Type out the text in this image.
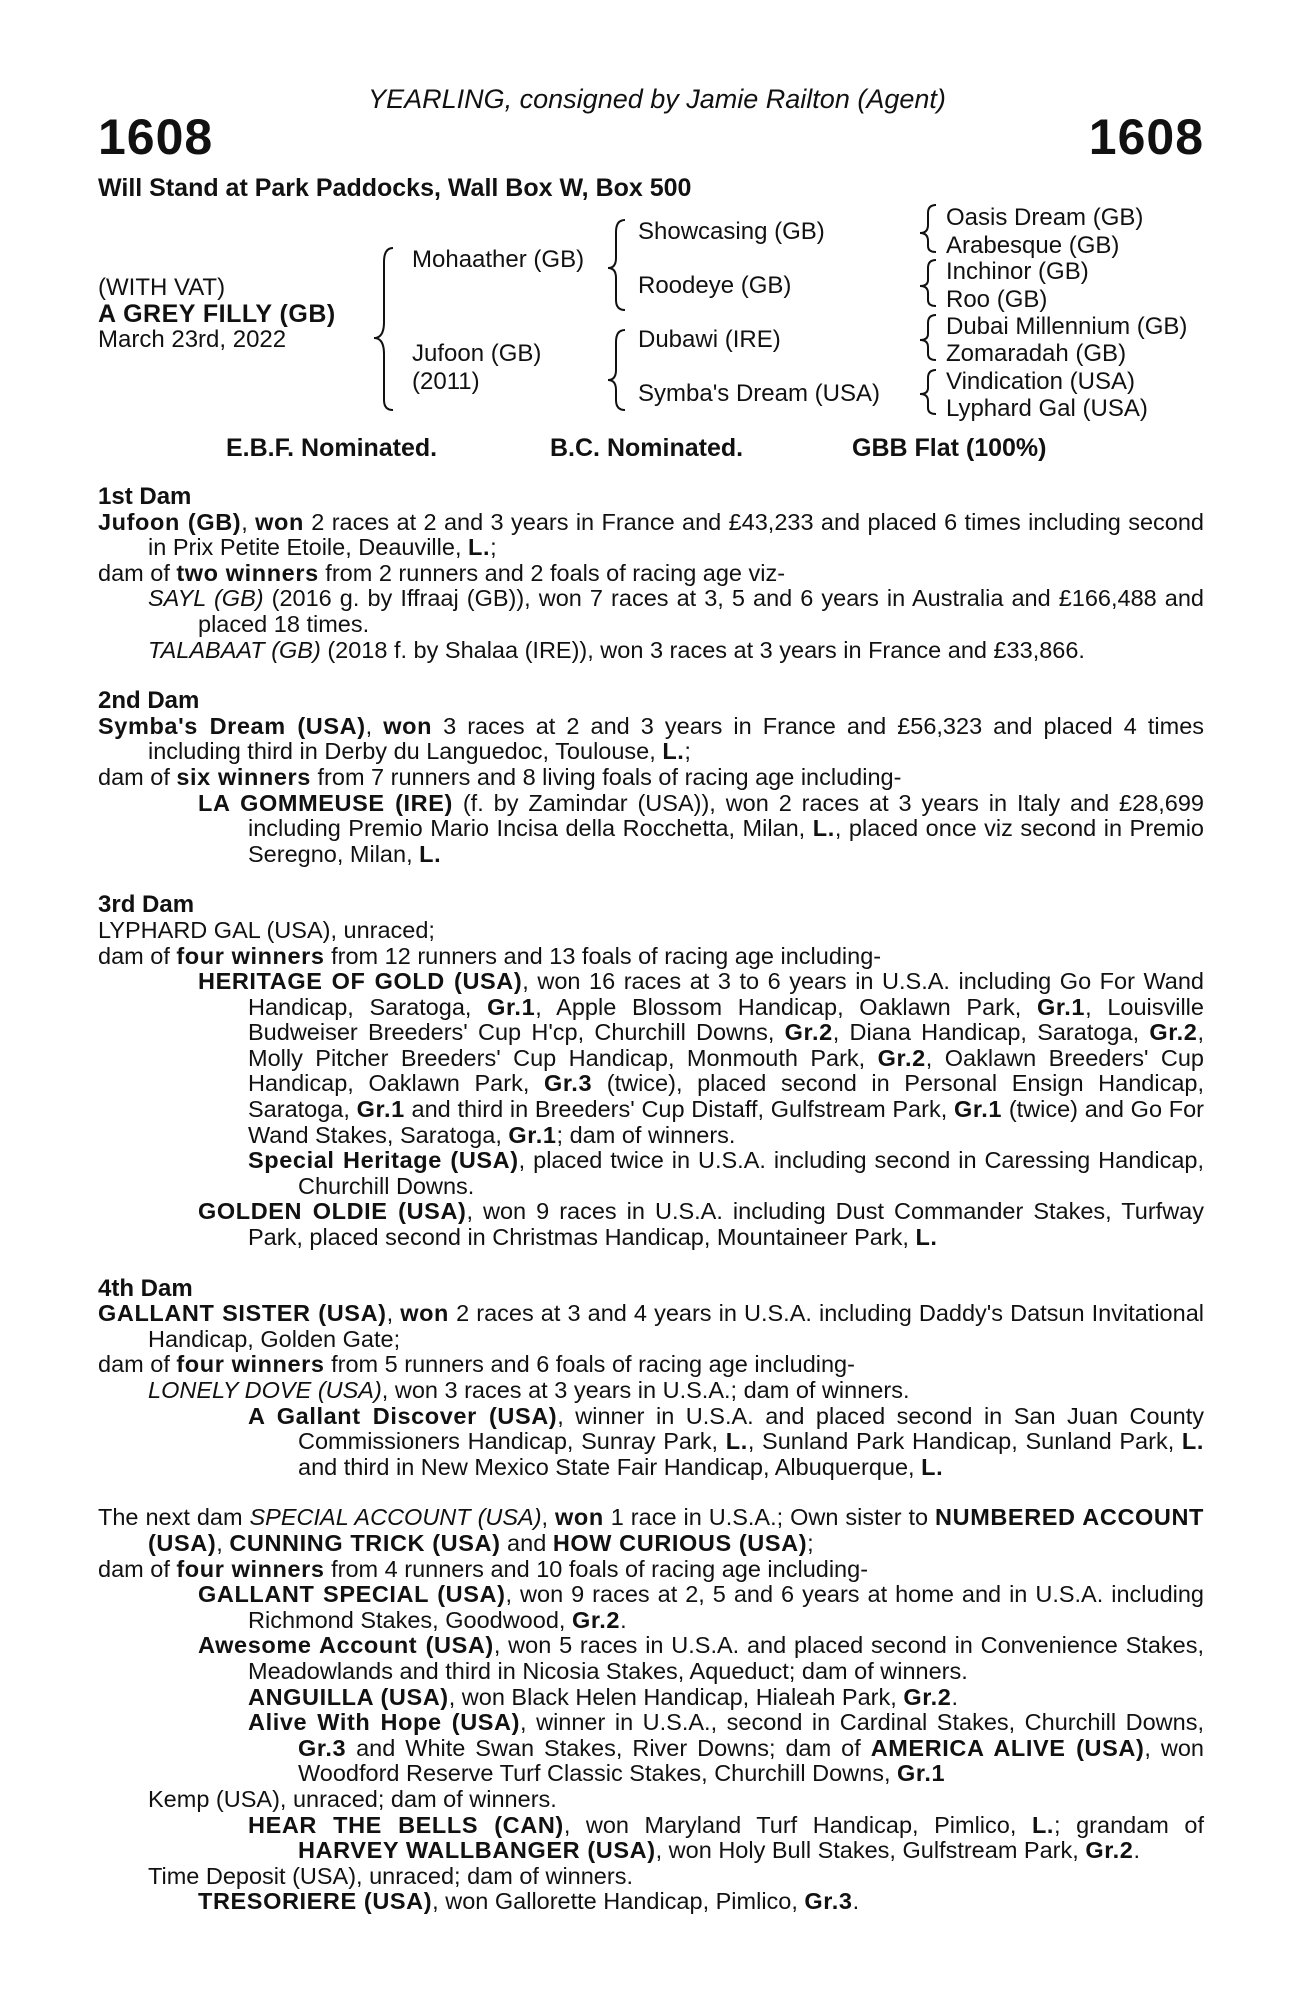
YEARLING, consigned by Jamie Railton (Agent)
1608	1608
Will Stand at Park Paddocks, Wall Box W, Box 500
(WITH VAT)
A GREY FILLY (GB)
March 23rd, 2022
Mohaather (GB)
Jufoon (GB)
(2011)
Showcasing (GB)
Roodeye (GB)
Dubawi (IRE)
Symba's Dream (USA)
Oasis Dream (GB)
Arabesque (GB)
Inchinor (GB)
Roo (GB)
Dubai Millennium (GB)
Zomaradah (GB)
Vindication (USA)
Lyphard Gal (USA)
E.B.F. Nominated.	B.C. Nominated.	GBB Flat (100%)
1st Dam

Jufoon (GB), won 2 races at 2 and 3 years in France and £43,233 and placed 6 times including second in Prix Petite Etoile, Deauville, L.;

dam of two winners from 2 runners and 2 foals of racing age viz-

SAYL (GB) (2016 g. by Iffraaj (GB)), won 7 races at 3, 5 and 6 years in Australia and £166,488 and placed 18 times.

TALABAAT (GB) (2018 f. by Shalaa (IRE)), won 3 races at 3 years in France and £33,866.

2nd Dam

Symba's Dream (USA), won 3 races at 2 and 3 years in France and £56,323 and placed 4 times including third in Derby du Languedoc, Toulouse, L.;

dam of six winners from 7 runners and 8 living foals of racing age including-

LA GOMMEUSE (IRE) (f. by Zamindar (USA)), won 2 races at 3 years in Italy and £28,699 including Premio Mario Incisa della Rocchetta, Milan, L., placed once viz second in Premio Seregno, Milan, L.

3rd Dam

LYPHARD GAL (USA), unraced;

dam of four winners from 12 runners and 13 foals of racing age including-

HERITAGE OF GOLD (USA), won 16 races at 3 to 6 years in U.S.A. including Go For Wand Handicap, Saratoga, Gr.1, Apple Blossom Handicap, Oaklawn Park, Gr.1, Louisville Budweiser Breeders' Cup H'cp, Churchill Downs, Gr.2, Diana Handicap, Saratoga, Gr.2, Molly Pitcher Breeders' Cup Handicap, Monmouth Park, Gr.2, Oaklawn Breeders' Cup Handicap, Oaklawn Park, Gr.3 (twice), placed second in Personal Ensign Handicap, Saratoga, Gr.1 and third in Breeders' Cup Distaff, Gulfstream Park, Gr.1 (twice) and Go For Wand Stakes, Saratoga, Gr.1; dam of winners.

Special Heritage (USA), placed twice in U.S.A. including second in Caressing Handicap, Churchill Downs.

GOLDEN OLDIE (USA), won 9 races in U.S.A. including Dust Commander Stakes, Turfway Park, placed second in Christmas Handicap, Mountaineer Park, L.

4th Dam

GALLANT SISTER (USA), won 2 races at 3 and 4 years in U.S.A. including Daddy's Datsun Invitational Handicap, Golden Gate;

dam of four winners from 5 runners and 6 foals of racing age including-

LONELY DOVE (USA), won 3 races at 3 years in U.S.A.; dam of winners.

A Gallant Discover (USA), winner in U.S.A. and placed second in San Juan County Commissioners Handicap, Sunray Park, L., Sunland Park Handicap, Sunland Park, L. and third in New Mexico State Fair Handicap, Albuquerque, L.

The next dam SPECIAL ACCOUNT (USA), won 1 race in U.S.A.; Own sister to NUMBERED ACCOUNT (USA), CUNNING TRICK (USA) and HOW CURIOUS (USA);

dam of four winners from 4 runners and 10 foals of racing age including-

GALLANT SPECIAL (USA), won 9 races at 2, 5 and 6 years at home and in U.S.A. including Richmond Stakes, Goodwood, Gr.2.

Awesome Account (USA), won 5 races in U.S.A. and placed second in Convenience Stakes, Meadowlands and third in Nicosia Stakes, Aqueduct; dam of winners.

ANGUILLA (USA), won Black Helen Handicap, Hialeah Park, Gr.2.

Alive With Hope (USA), winner in U.S.A., second in Cardinal Stakes, Churchill Downs, Gr.3 and White Swan Stakes, River Downs; dam of AMERICA ALIVE (USA), won Woodford Reserve Turf Classic Stakes, Churchill Downs, Gr.1

Kemp (USA), unraced; dam of winners.

HEAR THE BELLS (CAN), won Maryland Turf Handicap, Pimlico, L.; grandam of HARVEY WALLBANGER (USA), won Holy Bull Stakes, Gulfstream Park, Gr.2.

Time Deposit (USA), unraced; dam of winners.

TRESORIERE (USA), won Gallorette Handicap, Pimlico, Gr.3.
